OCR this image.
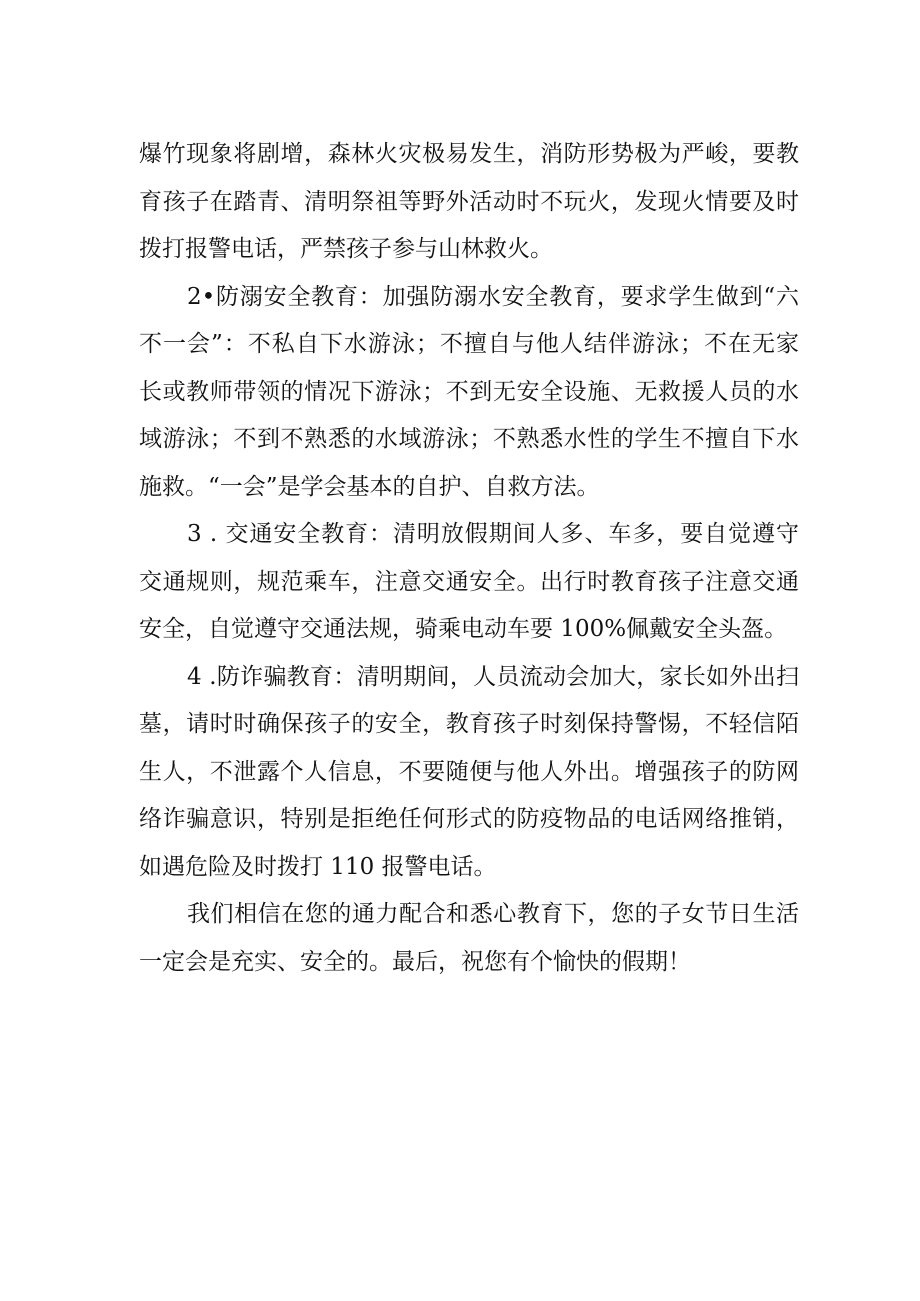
爆竹现象将剧增，森林火灾极易发生，消防形势极为严峻，要教
育孩子在踏青、清明祭祖等野外活动时不玩火，发现火情要及时
拨打报警电话，严禁孩子参与山林救火。
2•防溺安全教育：加强防溺水安全教育，要求学生做到“六
不一会”：不私自下水游泳；不擅自与他人结伴游泳；不在无家
长或教师带领的情况下游泳；不到无安全设施、无救援人员的水
域游泳；不到不熟悉的水域游泳；不熟悉水性的学生不擅自下水
施救。“一会”是学会基本的自护、自救方法。
3 . 交通安全教育：清明放假期间人多、车多，要自觉遵守
交通规则，规范乘车，注意交通安全。出行时教育孩子注意交通
安全，自觉遵守交通法规，骑乘电动车要 100%佩戴安全头盔。
4 .防诈骗教育：清明期间，人员流动会加大，家长如外出扫
墓，请时时确保孩子的安全，教育孩子时刻保持警惕，不轻信陌
生人，不泄露个人信息，不要随便与他人外出。增强孩子的防网
络诈骗意识，特别是拒绝任何形式的防疫物品的电话网络推销，
如遇危险及时拨打 110 报警电话。
我们相信在您的通力配合和悉心教育下，您的子女节日生活
一定会是充实、安全的。最后，祝您有个愉快的假期！
